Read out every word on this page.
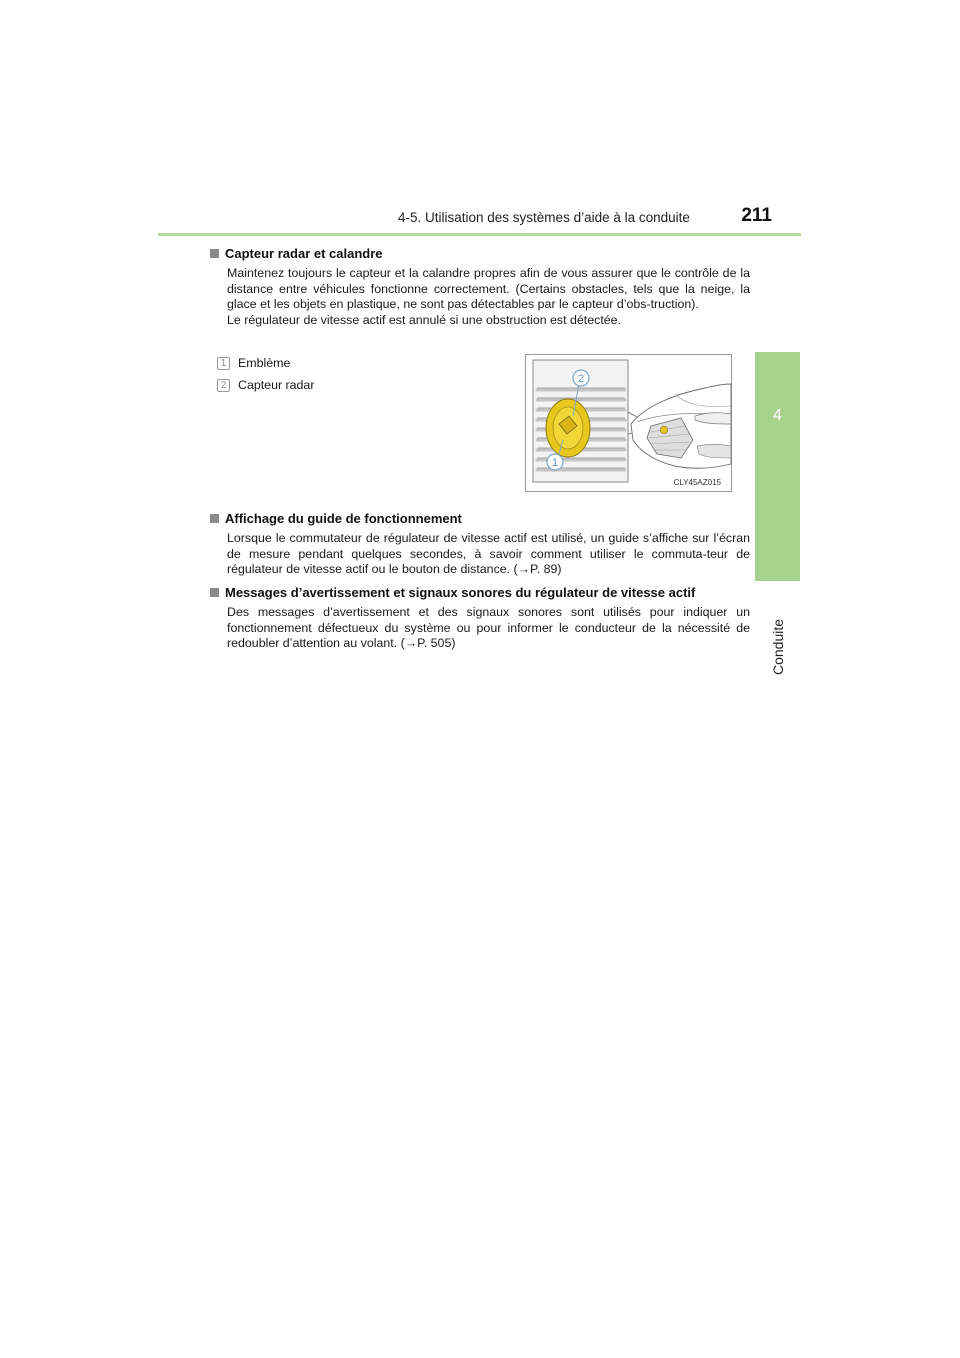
4-5. Utilisation des systèmes d’aide à la conduite	211
4
Conduite
Capteur radar et calandre
Maintenez toujours le capteur et la calandre propres afin de vous assurer que le contrôle de la distance entre véhicules fonctionne correctement. (Certains obstacles, tels que la neige, la glace et les objets en plastique, ne sont pas détectables par le capteur d’obs-truction).
Le régulateur de vitesse actif est annulé si une obstruction est détectée.
1 Emblème
2 Capteur radar	2
1
CLY45AZ015
Affichage du guide de fonctionnement
Lorsque le commutateur de régulateur de vitesse actif est utilisé, un guide s’affiche sur l’écran de mesure pendant quelques secondes, à savoir comment utiliser le commuta-teur de régulateur de vitesse actif ou le bouton de distance. (→P. 89)
Messages d’avertissement et signaux sonores du régulateur de vitesse actif
Des messages d’avertissement et des signaux sonores sont utilisés pour indiquer un fonctionnement défectueux du système ou pour informer le conducteur de la nécessité de redoubler d’attention au volant. (→P. 505)
